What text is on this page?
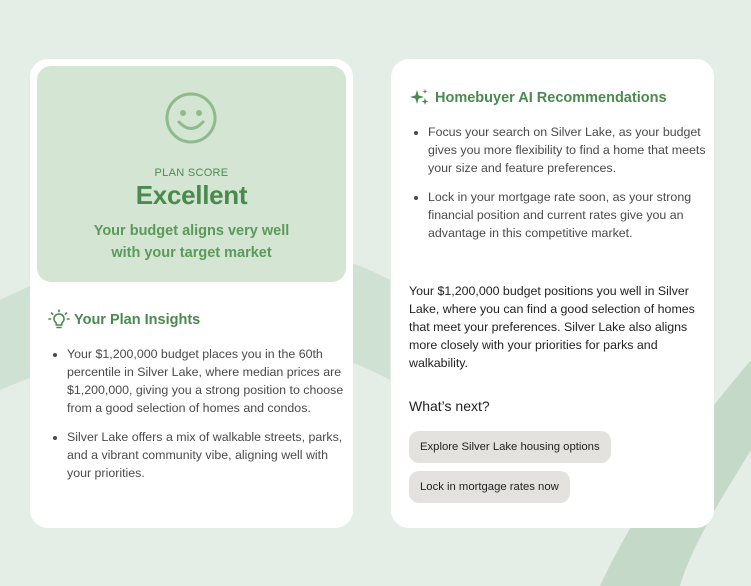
PLAN SCORE
Excellent
Your budget aligns very well with your target market
Your Plan Insights
• Your $1,200,000 budget places you in the 60th percentile in Silver Lake, where median prices are $1,200,000, giving you a strong position to choose from a good selection of homes and condos.
• Silver Lake offers a mix of walkable streets, parks, and a vibrant community vibe, aligning well with your priorities.
Homebuyer AI Recommendations
• Focus your search on Silver Lake, as your budget gives you more flexibility to find a home that meets your size and feature preferences.
• Lock in your mortgage rate soon, as your strong financial position and current rates give you an advantage in this competitive market.
Your $1,200,000 budget positions you well in Silver Lake, where you can find a good selection of homes that meet your preferences. Silver Lake also aligns more closely with your priorities for parks and walkability.
What’s next?
Explore Silver Lake housing options
Lock in mortgage rates now
